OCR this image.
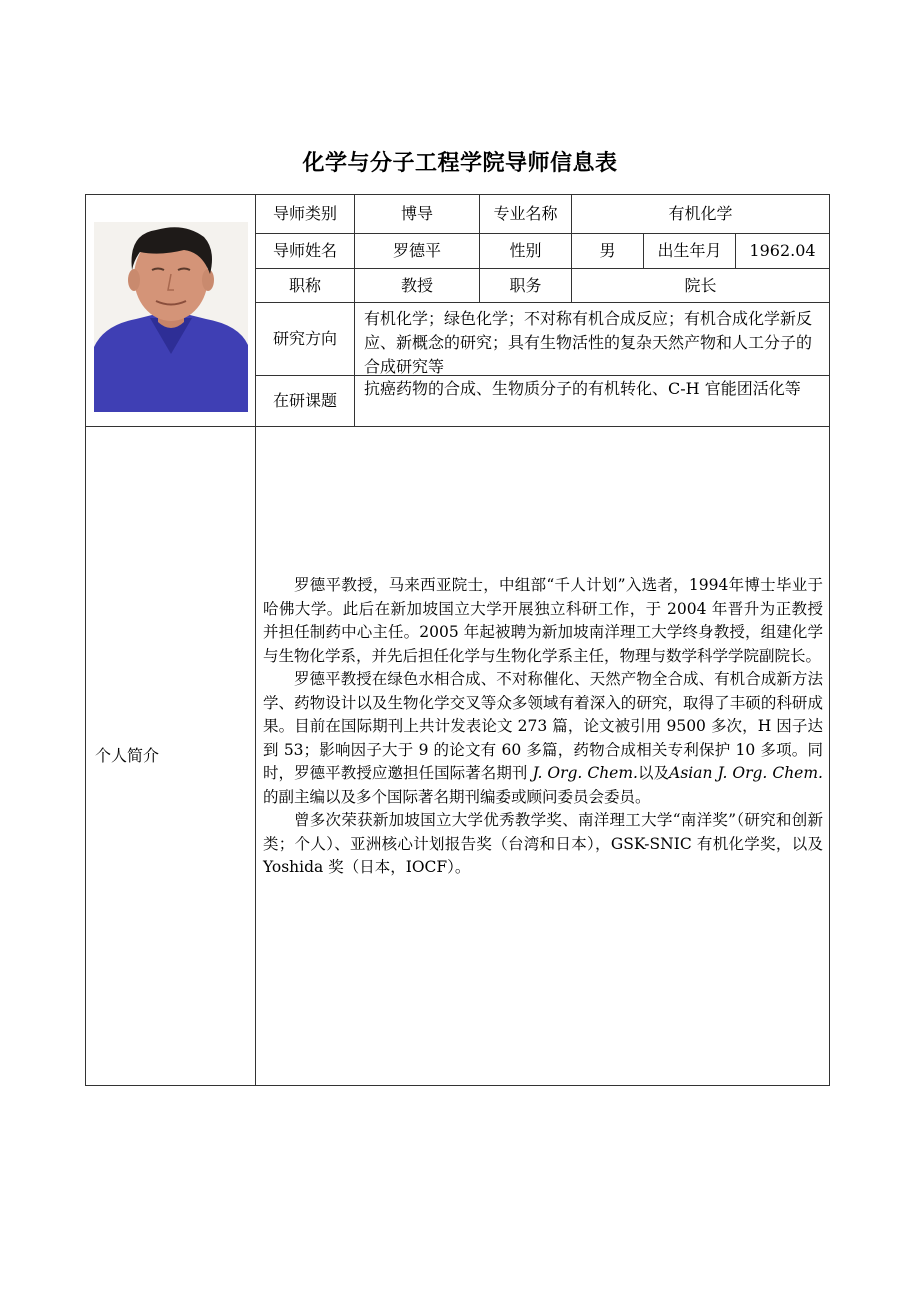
化学与分子工程学院导师信息表
导师类别	博导	专业名称	有机化学
导师姓名	罗德平	性别	男	出生年月	1962.04
职称	教授	职务	院长
研究方向
有机化学；绿色化学；不对称有机合成反应；有机合成化学新反应、新概念的研究；具有生物活性的复杂天然产物和人工分子的合成研究等
在研课题
抗癌药物的合成、生物质分子的有机转化、C-H 官能团活化等
个人简介

罗德平教授，马来西亚院士，中组部“千人计划”入选者，1994年博士毕业于哈佛大学。此后在新加坡国立大学开展独立科研工作，于 2004 年晋升为正教授并担任制药中心主任。2005 年起被聘为新加坡南洋理工大学终身教授，组建化学与生物化学系，并先后担任化学与生物化学系主任，物理与数学科学学院副院长。

罗德平教授在绿色水相合成、不对称催化、天然产物全合成、有机合成新方法学、药物设计以及生物化学交叉等众多领域有着深入的研究，取得了丰硕的科研成果。目前在国际期刊上共计发表论文 273 篇，论文被引用 9500 多次，H 因子达到 53；影响因子大于 9 的论文有 60 多篇，药物合成相关专利保护 10 多项。同时，罗德平教授应邀担任国际著名期刊 J. Org. Chem.以及Asian J. Org. Chem.的副主编以及多个国际著名期刊编委或顾问委员会委员。

曾多次荣获新加坡国立大学优秀教学奖、南洋理工大学“南洋奖”（研究和创新类；个人）、亚洲核心计划报告奖（台湾和日本），GSK-SNIC 有机化学奖，以及 Yoshida 奖（日本，IOCF）。
